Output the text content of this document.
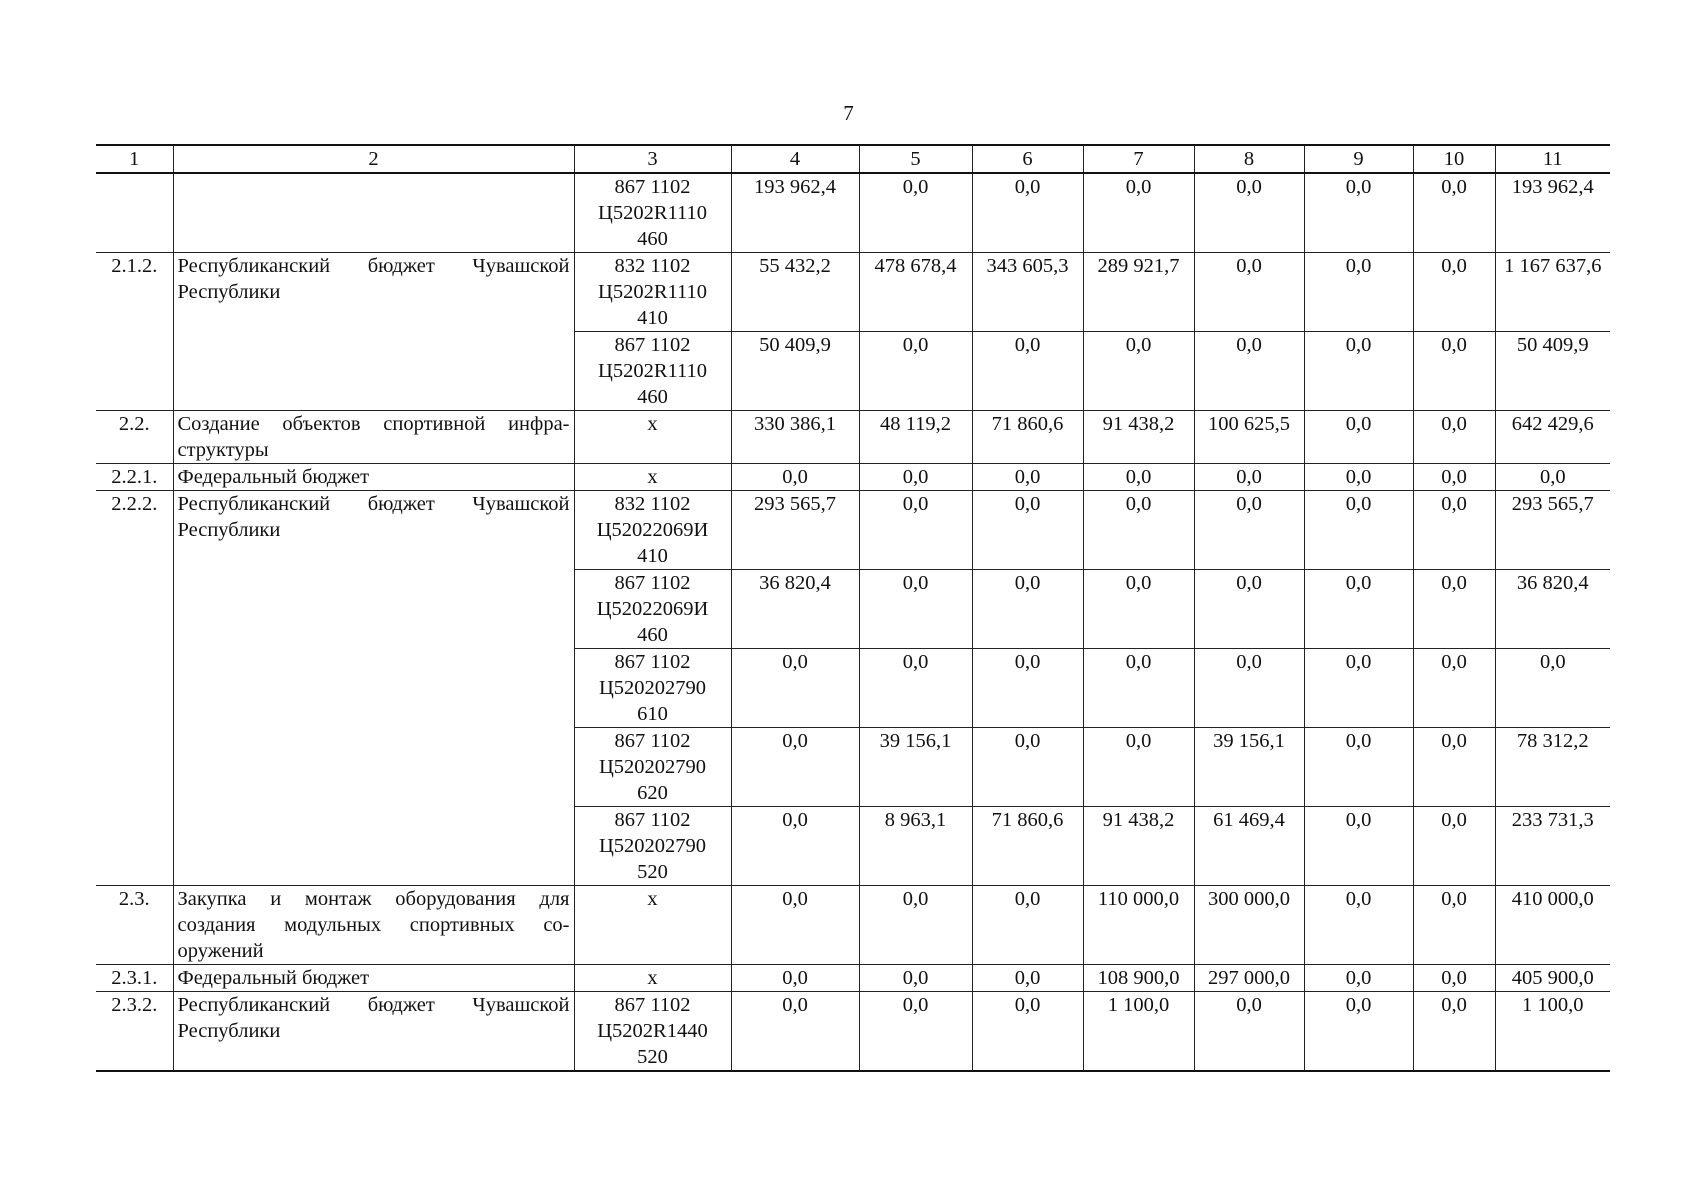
7
1	2	3	4	5	6	7	8	9	10	11

		867 1102
Ц5202R1110
460	193 962,4	0,0	0,0	0,0	0,0	0,0	0,0	193 962,4
2.1.2.	Республиканский бюджет Чувашской Республики	832 1102
Ц5202R1110
410	55 432,2	478 678,4	343 605,3	289 921,7	0,0	0,0	0,0	1 167 637,6

		867 1102
Ц5202R1110
460	50 409,9	0,0	0,0	0,0	0,0	0,0	0,0	50 409,9
2.2.	Создание объектов спортивной инфра-структуры	x	330 386,1	48 119,2	71 860,6	91 438,2	100 625,5	0,0	0,0	642 429,6
2.2.1.	Федеральный бюджет	x	0,0	0,0	0,0	0,0	0,0	0,0	0,0	0,0
2.2.2.	Республиканский бюджет Чувашской Республики	832 1102
Ц52022069И
410	293 565,7	0,0	0,0	0,0	0,0	0,0	0,0	293 565,7

		867 1102
Ц52022069И
460	36 820,4	0,0	0,0	0,0	0,0	0,0	0,0	36 820,4

		867 1102
Ц520202790
610	0,0	0,0	0,0	0,0	0,0	0,0	0,0	0,0

		867 1102
Ц520202790
620	0,0	39 156,1	0,0	0,0	39 156,1	0,0	0,0	78 312,2

		867 1102
Ц520202790
520	0,0	8 963,1	71 860,6	91 438,2	61 469,4	0,0	0,0	233 731,3
2.3.	Закупка и монтаж оборудования для создания модульных спортивных со-оружений	x	0,0	0,0	0,0	110 000,0	300 000,0	0,0	0,0	410 000,0
2.3.1.	Федеральный бюджет	x	0,0	0,0	0,0	108 900,0	297 000,0	0,0	0,0	405 900,0
2.3.2.	Республиканский бюджет Чувашской Республики	867 1102
Ц5202R1440
520	0,0	0,0	0,0	1 100,0	0,0	0,0	0,0	1 100,0
